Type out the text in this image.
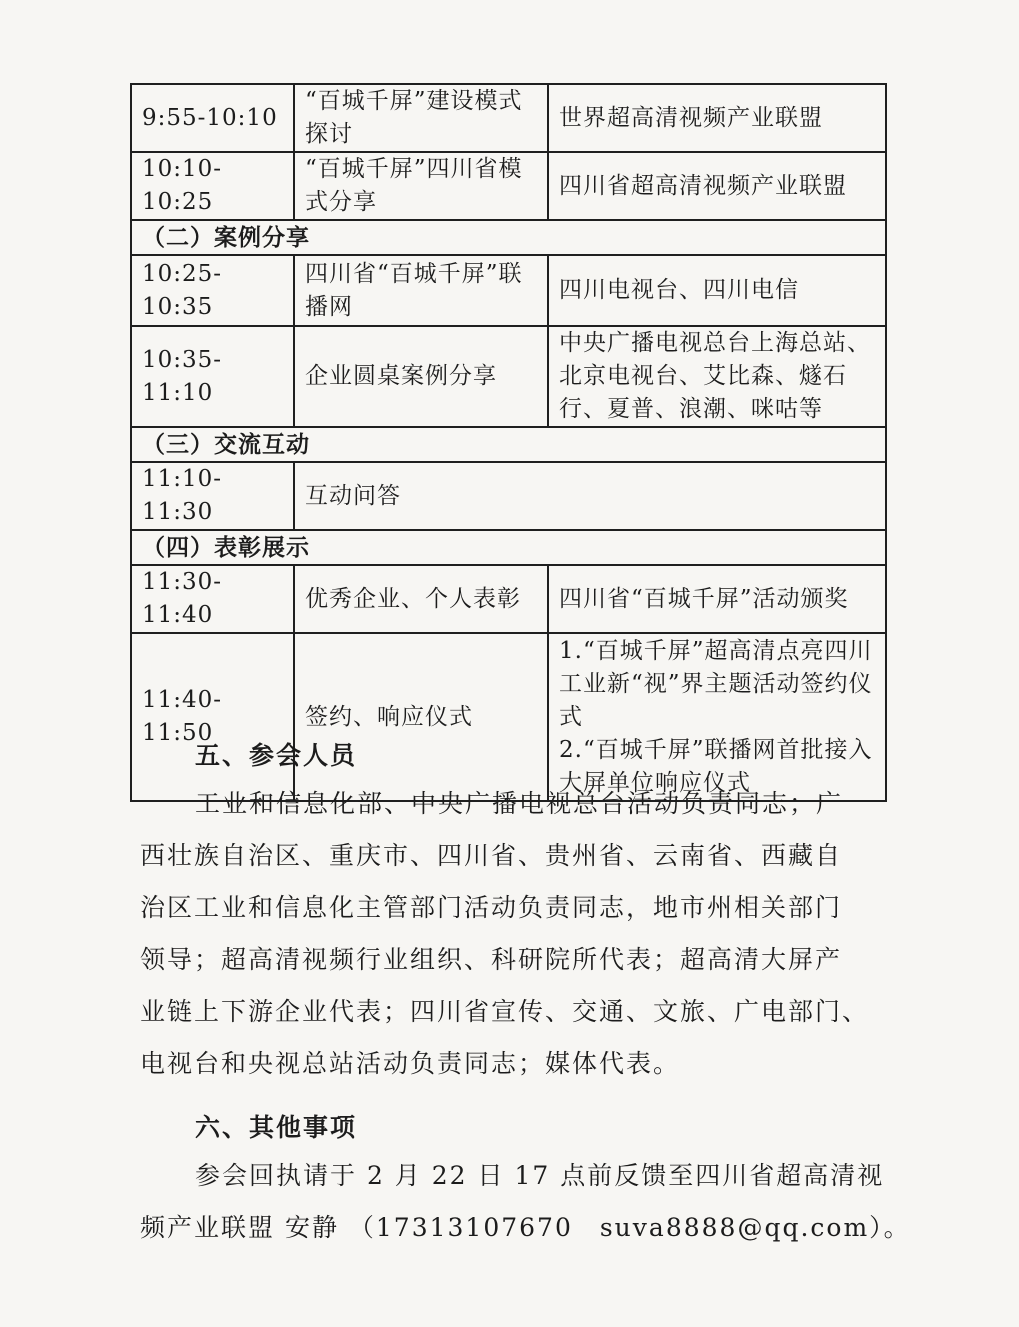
9:55-10:10	“百城千屏”建设模式探讨	世界超高清视频产业联盟
10:10-10:25	“百城千屏”四川省模式分享	四川省超高清视频产业联盟
（二）案例分享		
10:25-10:35	四川省“百城千屏”联播网	四川电视台、四川电信
10:35-11:10	企业圆桌案例分享	中央广播电视总台上海总站、北京电视台、艾比森、燧石行、夏普、浪潮、咪咕等
（三）交流互动		
11:10-11:30	互动问答	
（四）表彰展示		
11:30-11:40	优秀企业、个人表彰	四川省“百城千屏”活动颁奖
11:40-11:50	签约、响应仪式	1.“百城千屏”超高清点亮四川工业新“视”界主题活动签约仪式
2.“百城千屏”联播网首批接入大屏单位响应仪式
五、参会人员
工业和信息化部、中央广播电视总台活动负责同志；广
西壮族自治区、重庆市、四川省、贵州省、云南省、西藏自
治区工业和信息化主管部门活动负责同志，地市州相关部门
领导；超高清视频行业组织、科研院所代表；超高清大屏产
业链上下游企业代表；四川省宣传、交通、文旅、广电部门、
电视台和央视总站活动负责同志；媒体代表。
六、其他事项
参会回执请于 2 月 22 日 17 点前反馈至四川省超高清视
频产业联盟 安静 （17313107670　suva8888@qq.com）。
